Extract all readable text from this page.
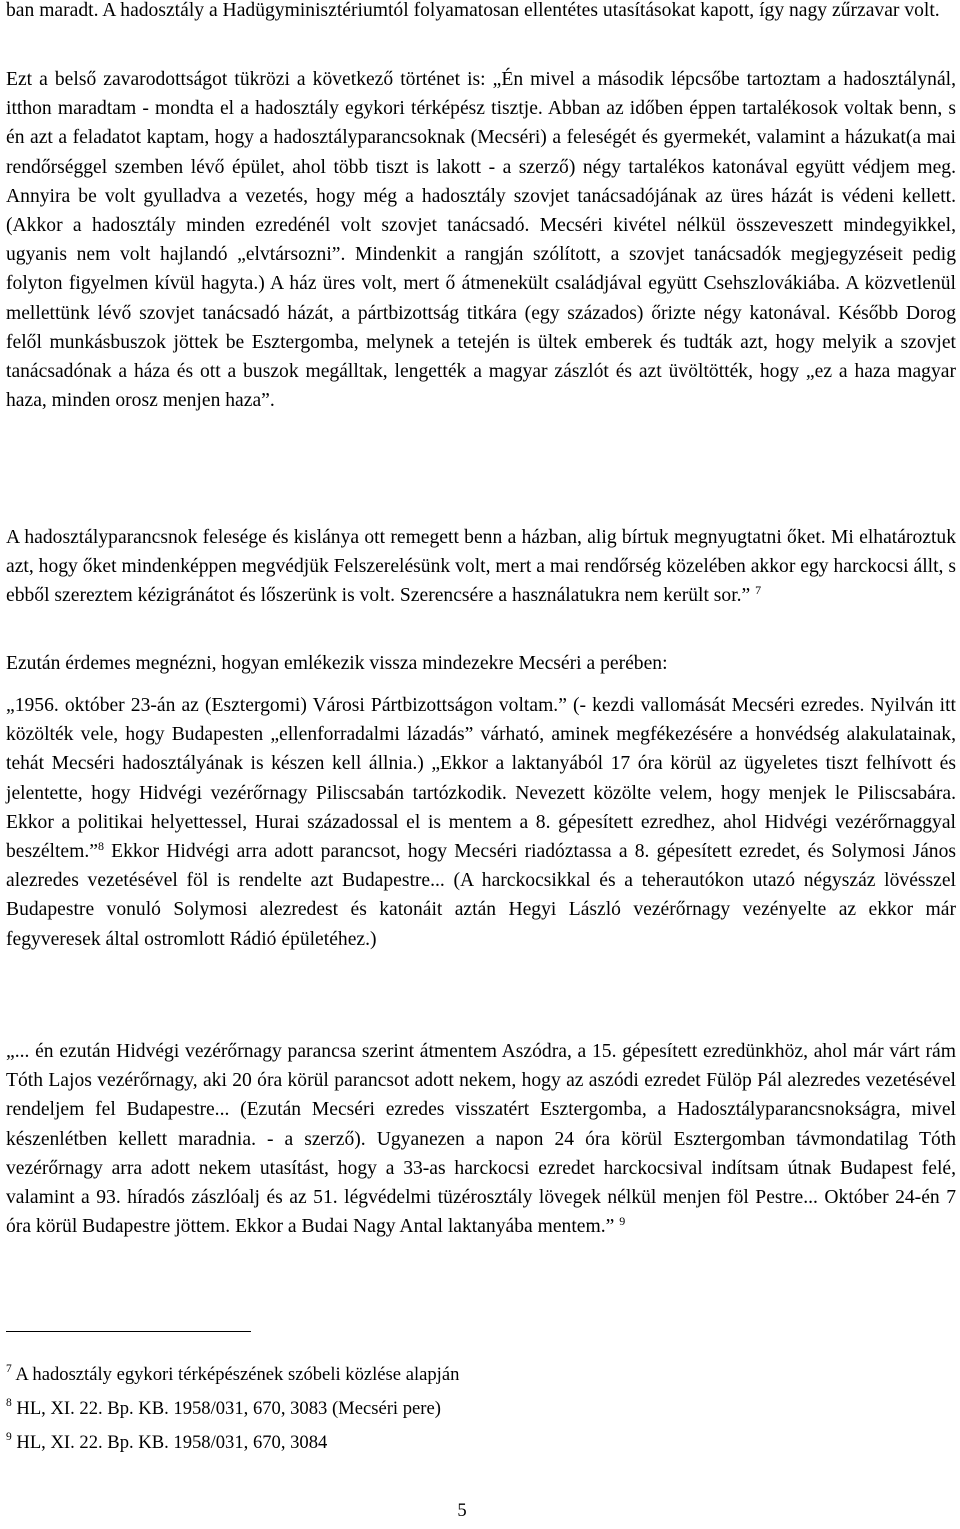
ban maradt. A hadosztály a Hadügyminisztériumtól folyamatosan ellentétes utasításokat kapott, így nagy zűrzavar volt.

Ezt a belső zavarodottságot tükrözi a következő történet is: „Én mivel a második lépcsőbe tartoztam a hadosztálynál, itthon maradtam - mondta el a hadosztály egykori térképész tisztje. Abban az időben éppen tartalékosok voltak benn, s én azt a feladatot kaptam, hogy a hadosztályparancsoknak (Mecséri) a feleségét és gyermekét, valamint a házukat(a mai rendőrséggel szemben lévő épület, ahol több tiszt is lakott - a szerző) négy tartalékos katonával együtt védjem meg. Annyira be volt gyulladva a vezetés, hogy még a hadosztály szovjet tanácsadójának az üres házát is védeni kellett. (Akkor a hadosztály minden ezredénél volt szovjet tanácsadó. Mecséri kivétel nélkül összeveszett mindegyikkel, ugyanis nem volt hajlandó „elvtársozni”. Mindenkit a rangján szólított, a szovjet tanácsadók megjegyzéseit pedig folyton figyelmen kívül hagyta.) A ház üres volt, mert ő átmenekült családjával együtt Csehszlovákiába. A közvetlenül mellettünk lévő szovjet tanácsadó házát, a pártbizottság titkára (egy százados) őrizte négy katonával. Később Dorog felől munkásbuszok jöttek be Esztergomba, melynek a tetején is ültek emberek és tudták azt, hogy melyik a szovjet tanácsadónak a háza és ott a buszok megálltak, lengették a magyar zászlót és azt üvöltötték, hogy „ez a haza magyar haza, minden orosz menjen haza”.

A hadosztályparancsnok felesége és kislánya ott remegett benn a házban, alig bírtuk megnyugtatni őket. Mi elhatároztuk azt, hogy őket mindenképpen megvédjük Felszerelésünk volt, mert a mai rendőrség közelében akkor egy harckocsi állt, s ebből szereztem kézigránátot és lőszerünk is volt. Szerencsére a használatukra nem került sor.” $^7$

Ezután érdemes megnézni, hogyan emlékezik vissza mindezekre Mecséri a perében:

„1956. október 23-án az (Esztergomi) Városi Pártbizottságon voltam.” (- kezdi vallomását Mecséri ezredes. Nyilván itt közölték vele, hogy Budapesten „ellenforradalmi lázadás” várható, aminek megfékezésére a honvédség alakulatainak, tehát Mecséri hadosztályának is készen kell állnia.) „Ekkor a laktanyából 17 óra körül az ügyeletes tiszt felhívott és jelentette, hogy Hidvégi vezérőrnagy Piliscsabán tartózkodik. Nevezett közölte velem, hogy menjek le Piliscsabára. Ekkor a politikai helyettessel, Hurai századossal el is mentem a 8. gépesített ezredhez, ahol Hidvégi vezérőrnaggyal beszéltem.”$^8$ Ekkor Hidvégi arra adott parancsot, hogy Mecséri riadóztassa a 8. gépesített ezredet, és Solymosi János alezredes vezetésével föl is rendelte azt Budapestre... (A harckocsikkal és a teherautókon utazó négyszáz lövésszel Budapestre vonuló Solymosi alezredest és katonáit aztán Hegyi László vezérőrnagy vezényelte az ekkor már fegyveresek által ostromlott Rádió épületéhez.)

„... én ezután Hidvégi vezérőrnagy parancsa szerint átmentem Aszódra, a 15. gépesített ezredünkhöz, ahol már várt rám Tóth Lajos vezérőrnagy, aki 20 óra körül parancsot adott nekem, hogy az aszódi ezredet Fülöp Pál alezredes vezetésével rendeljem fel Budapestre... (Ezután Mecséri ezredes visszatért Esztergomba, a Hadosztályparancsnokságra, mivel készenlétben kellett maradnia. - a szerző). Ugyanezen a napon 24 óra körül Esztergomban távmondatilag Tóth vezérőrnagy arra adott nekem utasítást, hogy a 33-as harckocsi ezredet harckocsival indítsam útnak Budapest felé, valamint a 93. híradós zászlóalj és az 51. légvédelmi tüzérosztály lövegek nélkül menjen föl Pestre... Október 24-én 7 óra körül Budapestre jöttem. Ekkor a Budai Nagy Antal laktanyába mentem.” $^9$

$^7$ A hadosztály egykori térképészének szóbeli közlése alapján

$^8$ HL, XI. 22. Bp. KB. 1958/031, 670, 3083 (Mecséri pere)

$^9$ HL, XI. 22. Bp. KB. 1958/031, 670, 3084

5
